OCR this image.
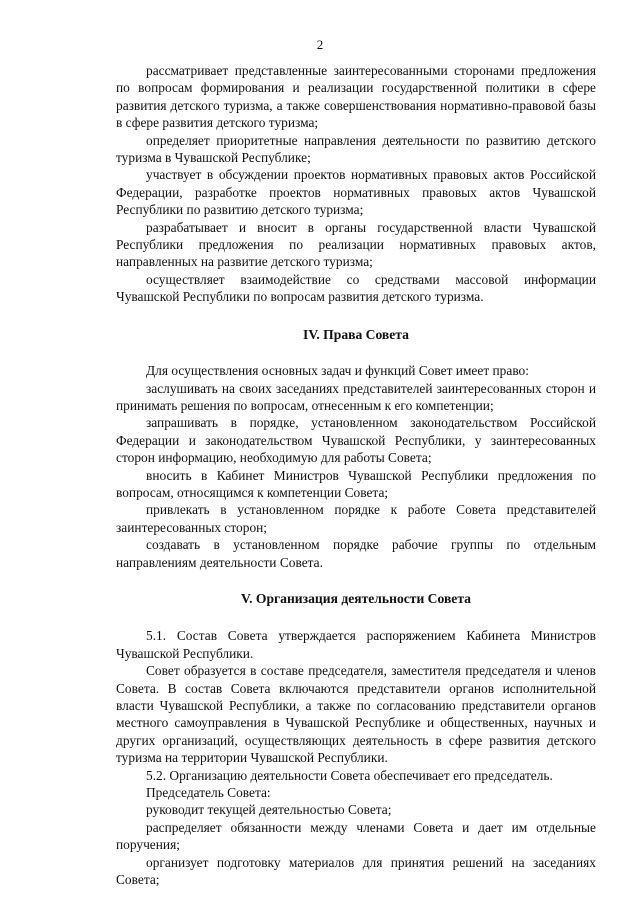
2

рассматривает представленные заинтересованными сторонами предложения по вопросам формирования и реализации государственной политики в сфере развития детского туризма, а также совершенствования нормативно-правовой базы в сфере развития детского туризма;

определяет приоритетные направления деятельности по развитию детского туризма в Чувашской Республике;

участвует в обсуждении проектов нормативных правовых актов Российской Федерации, разработке проектов нормативных правовых актов Чувашской Республики по развитию детского туризма;

разрабатывает и вносит в органы государственной власти Чувашской Республики предложения по реализации нормативных правовых актов, направленных на развитие детского туризма;

осуществляет взаимодействие со средствами массовой информации Чувашской Республики по вопросам развития детского туризма.

IV. Права Совета

Для осуществления основных задач и функций Совет имеет право:

заслушивать на своих заседаниях представителей заинтересованных сторон и принимать решения по вопросам, отнесенным к его компетенции;

запрашивать в порядке, установленном законодательством Российской Федерации и законодательством Чувашской Республики, у заинтересованных сторон информацию, необходимую для работы Совета;

вносить в Кабинет Министров Чувашской Республики предложения по вопросам, относящимся к компетенции Совета;

привлекать в установленном порядке к работе Совета представителей заинтересованных сторон;

создавать в установленном порядке рабочие группы по отдельным направлениям деятельности Совета.

V. Организация деятельности Совета

5.1. Состав Совета утверждается распоряжением Кабинета Министров Чувашской Республики.

Совет образуется в составе председателя, заместителя председателя и членов Совета. В состав Совета включаются представители органов исполнительной власти Чувашской Республики, а также по согласованию представители органов местного самоуправления в Чувашской Республике и общественных, научных и других организаций, осуществляющих деятельность в сфере развития детского туризма на территории Чувашской Республики.

5.2. Организацию деятельности Совета обеспечивает его председатель.

Председатель Совета:

руководит текущей деятельностью Совета;

распределяет обязанности между членами Совета и дает им отдельные поручения;

организует подготовку материалов для принятия решений на заседаниях Совета;
